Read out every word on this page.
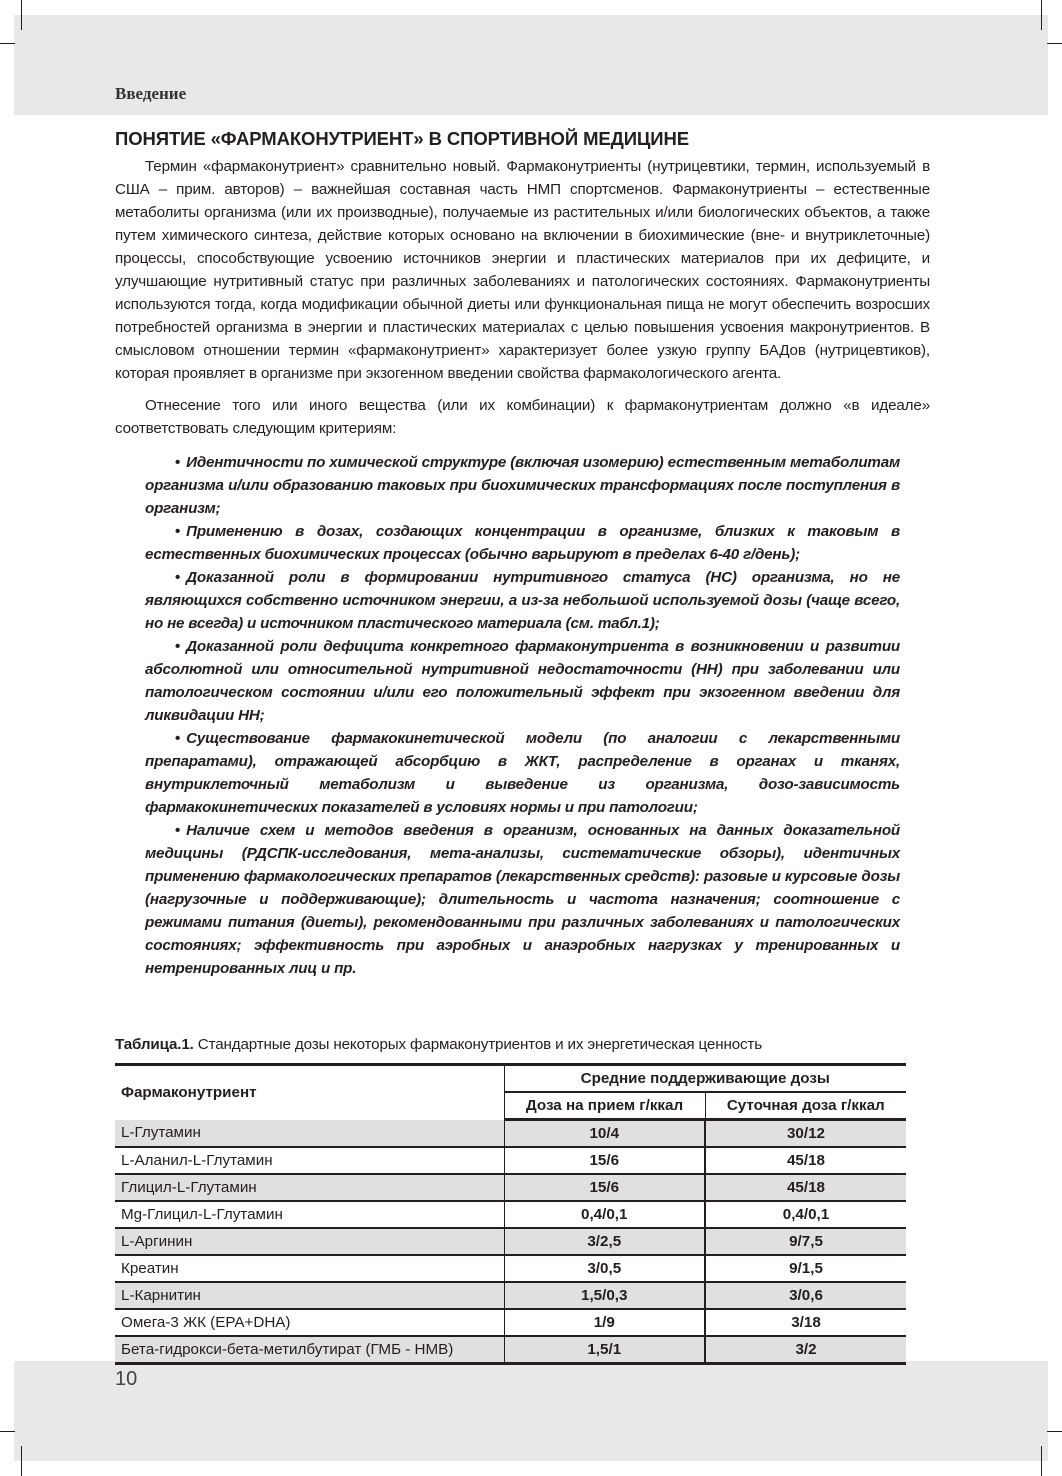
Введение
ПОНЯТИЕ «ФАРМАКОНУТРИЕНТ» В СПОРТИВНОЙ МЕДИЦИНЕ

Термин «фармаконутриент» сравнительно новый. Фармаконутриенты (нутрицевтики, термин, используемый в США – прим. авторов) – важнейшая составная часть НМП спортсменов. Фармаконутриенты – естественные метаболиты организма (или их производные), получаемые из растительных и/или биологических объектов, а также путем химического синтеза, действие которых основано на включении в биохимические (вне- и внутриклеточные) процессы, способствующие усвоению источников энергии и пластических материалов при их дефиците, и улучшающие нутритивный статус при различных заболеваниях и патологических состояниях. Фармаконутриенты используются тогда, когда модификации обычной диеты или функциональная пища не могут обеспечить возросших потребностей организма в энергии и пластических материалах с целью повышения усвоения макронутриентов. В смысловом отношении термин «фармаконутриент» характеризует более узкую группу БАДов (нутрицевтиков), которая проявляет в организме при экзогенном введении свойства фармакологического агента.

Отнесение того или иного вещества (или их комбинации) к фармаконутриентам должно «в идеале» соответствовать следующим критериям:

• Идентичности по химической структуре (включая изомерию) естественным метаболитам организма и/или образованию таковых при биохимических трансформациях после поступления в организм;
• Применению в дозах, создающих концентрации в организме, близких к таковым в естественных биохимических процессах (обычно варьируют в пределах 6-40 г/день);
• Доказанной роли в формировании нутритивного статуса (НС) организма, но не являющихся собственно источником энергии, а из-за небольшой используемой дозы (чаще всего, но не всегда) и источником пластического материала (см. табл.1);
• Доказанной роли дефицита конкретного фармаконутриента в возникновении и развитии абсолютной или относительной нутритивной недостаточности (НН) при заболевании или патологическом состоянии и/или его положительный эффект при экзогенном введении для ликвидации НН;
• Существование фармакокинетической модели (по аналогии с лекарственными препаратами), отражающей абсорбцию в ЖКТ, распределение в органах и тканях, внутриклеточный метаболизм и выведение из организма, дозо-зависимость фармакокинетических показателей в условиях нормы и при патологии;
• Наличие схем и методов введения в организм, основанных на данных доказательной медицины (РДСПК-исследования, мета-анализы, систематические обзоры), идентичных применению фармакологических препаратов (лекарственных средств): разовые и курсовые дозы (нагрузочные и поддерживающие); длительность и частота назначения; соотношение с режимами питания (диеты), рекомендованными при различных заболеваниях и патологических состояниях; эффективность при аэробных и анаэробных нагрузках у тренированных и нетренированных лиц и пр.
Таблица.1. Стандартные дозы некоторых фармаконутриентов и их энергетическая ценность
Фармаконутриент	Средние поддерживающие дозы	
	Доза на прием г/ккал	Суточная доза г/ккал
L-Глутамин	10/4	30/12
L-Аланил-L-Глутамин	15/6	45/18
Глицил-L-Глутамин	15/6	45/18
Mg-Глицил-L-Глутамин	0,4/0,1	0,4/0,1
L-Аргинин	3/2,5	9/7,5
Креатин	3/0,5	9/1,5
L-Карнитин	1,5/0,3	3/0,6
Омега-3 ЖК (EPA+DHA)	1/9	3/18
Бета-гидрокси-бета-метилбутират (ГМБ - HMB)	1,5/1	3/2
10
